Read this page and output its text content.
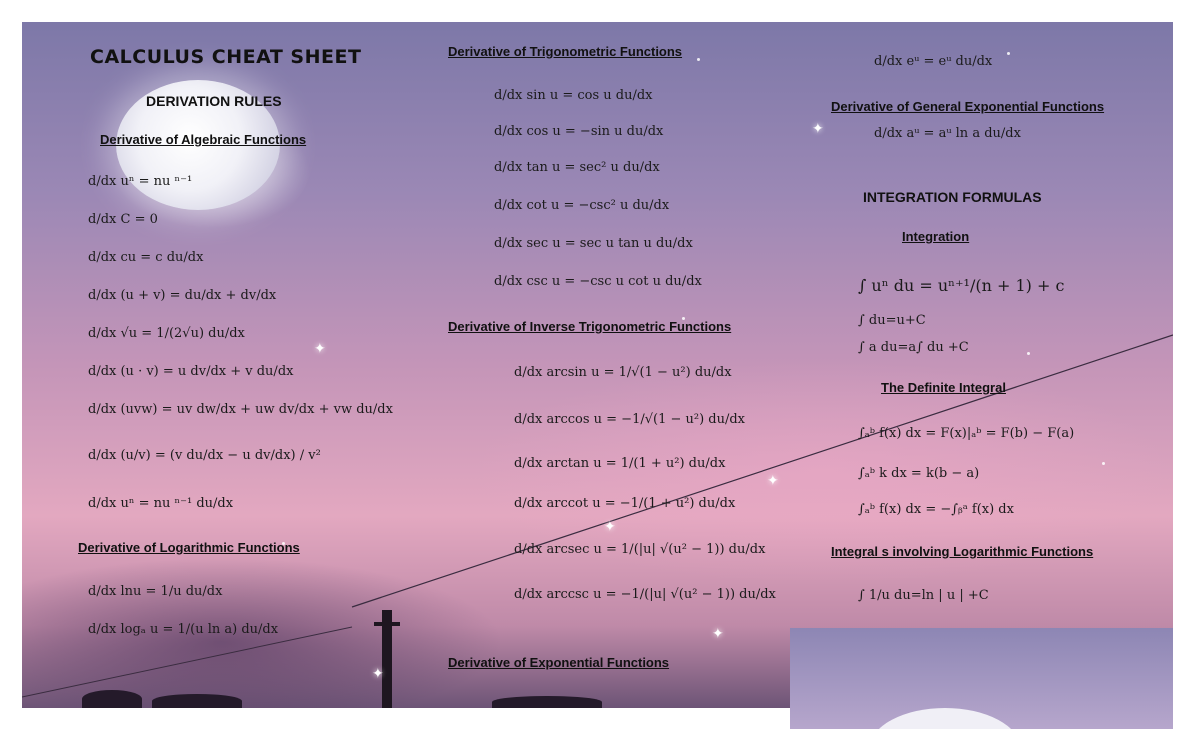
✦
✦
✦
✦
✦
✦
CALCULUS CHEAT SHEET
DERIVATION RULES
Derivative of Algebraic Functions
d/dx uⁿ = nu ⁿ⁻¹
d/dx C = 0
d/dx cu = c du/dx
d/dx (u + v) = du/dx + dv/dx
d/dx √u = 1/(2√u) du/dx
d/dx (u · v) = u dv/dx + v du/dx
d/dx (uvw) = uv dw/dx + uw dv/dx + vw du/dx
d/dx (u/v) = (v du/dx − u dv/dx) / v²
d/dx uⁿ = nu ⁿ⁻¹ du/dx
Derivative of Logarithmic Functions
d/dx lnu = 1/u du/dx
d/dx logₐ u = 1/(u ln a) du/dx
Derivative of Trigonometric Functions
d/dx sin u = cos u du/dx
d/dx cos u = −sin u du/dx
d/dx tan u = sec² u du/dx
d/dx cot u = −csc² u du/dx
d/dx sec u = sec u tan u du/dx
d/dx csc u = −csc u cot u du/dx
Derivative of Inverse Trigonometric Functions
d/dx arcsin u = 1/√(1 − u²) du/dx
d/dx arccos u = −1/√(1 − u²) du/dx
d/dx arctan u = 1/(1 + u²) du/dx
d/dx arccot u = −1/(1 + u²) du/dx
d/dx arcsec u = 1/(|u| √(u² − 1)) du/dx
d/dx arccsc u = −1/(|u| √(u² − 1)) du/dx
Derivative of Exponential Functions
d/dx eᵘ = eᵘ du/dx
Derivative of General Exponential Functions
d/dx aᵘ = aᵘ ln a du/dx
INTEGRATION FORMULAS
Integration
∫ uⁿ du = uⁿ⁺¹/(n + 1) + c
∫ du=u+C
∫ a du=a∫ du +C
The Definite Integral
∫ₐᵇ f(x) dx = F(x)|ₐᵇ = F(b) − F(a)
∫ₐᵇ k dx = k(b − a)
∫ₐᵇ f(x) dx = −∫ᵦᵃ f(x) dx
Integral s involving Logarithmic Functions
∫ 1/u du=ln | u | +C
